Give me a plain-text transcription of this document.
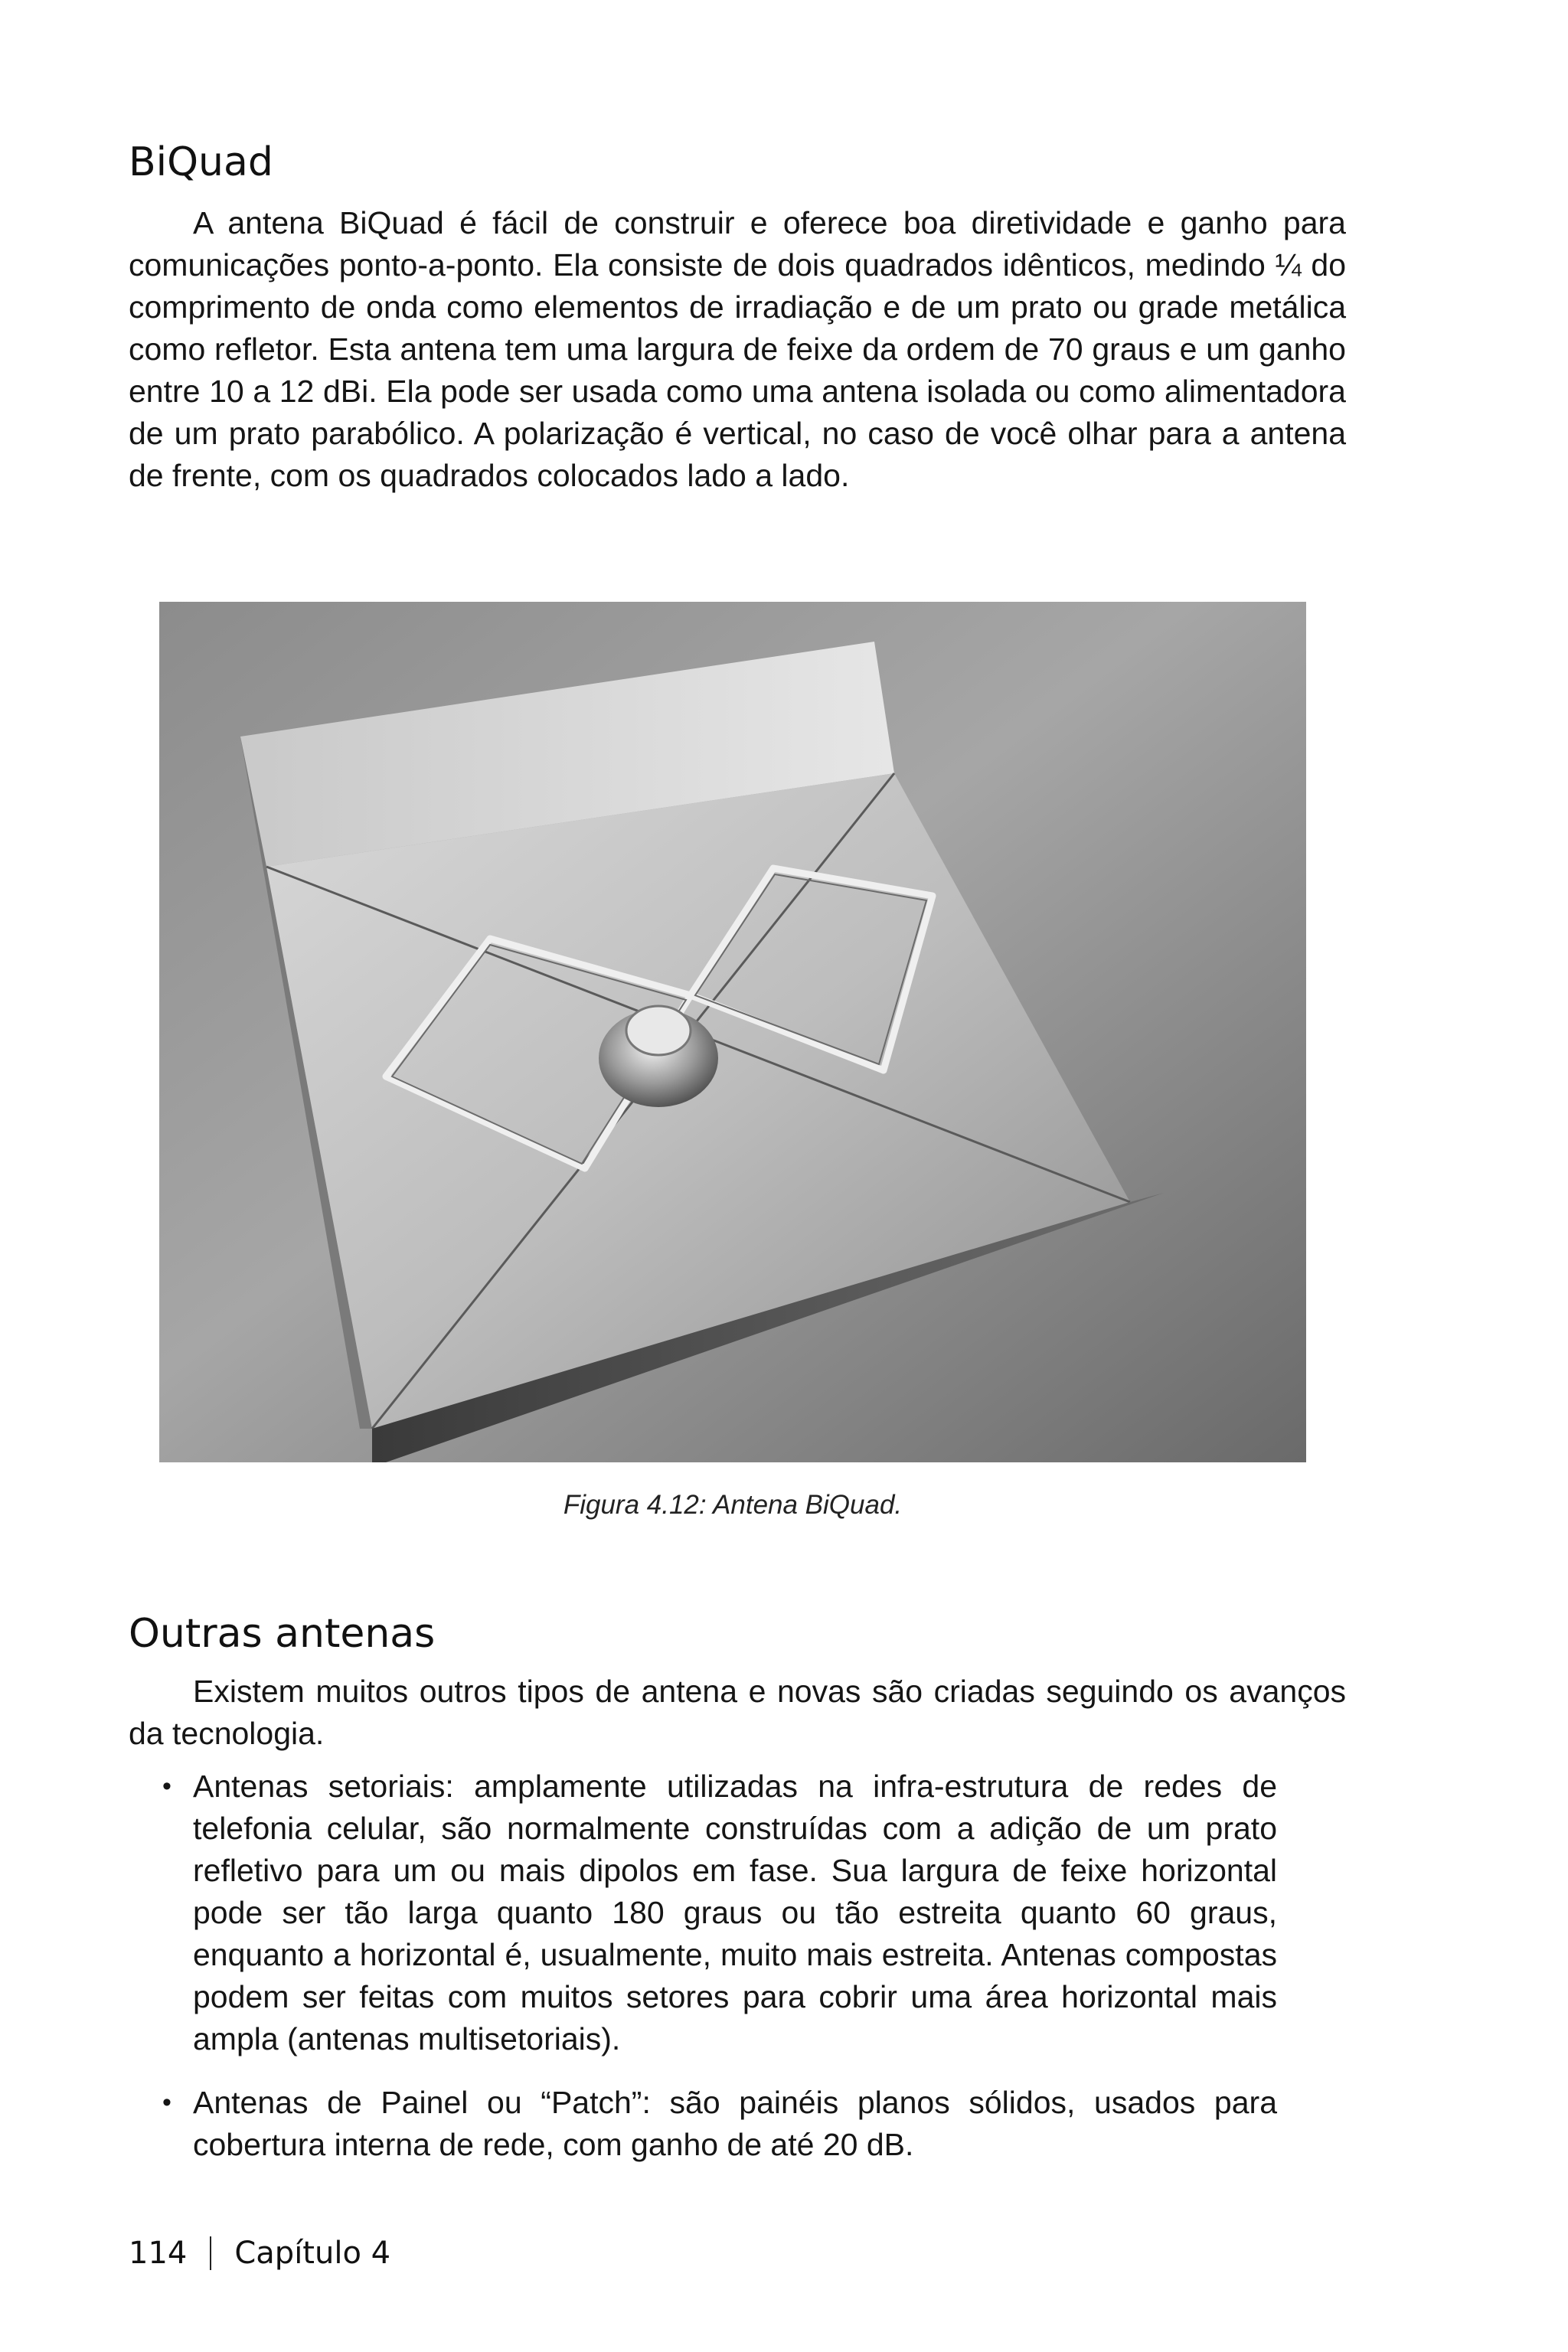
BiQuad

A antena BiQuad é fácil de construir e oferece boa diretividade e ganho para comunicações ponto-a-ponto. Ela consiste de dois quadrados idênticos, medindo ¼ do comprimento de onda como elementos de irradiação e de um prato ou grade metálica como refletor. Esta antena tem uma largura de feixe da ordem de 70 graus e um ganho entre 10 a 12 dBi. Ela pode ser usada como uma antena isolada ou como alimentadora de um prato parabólico. A polarização é vertical, no caso de você olhar para a antena de frente, com os quadrados colocados lado a lado.

Figura 4.12: Antena BiQuad.

Outras antenas

Existem muitos outros tipos de antena e novas são criadas seguindo os avanços da tecnologia.

• Antenas setoriais: amplamente utilizadas na infra-estrutura de redes de telefonia celular, são normalmente construídas com a adição de um prato refletivo para um ou mais dipolos em fase. Sua largura de feixe horizontal pode ser tão larga quanto 180 graus ou tão estreita quanto 60 graus, enquanto a horizontal é, usualmente, muito mais estreita. Antenas compostas podem ser feitas com muitos setores para cobrir uma área horizontal mais ampla (antenas multisetoriais).
• Antenas de Painel ou “Patch”: são painéis planos sólidos, usados para cobertura interna de rede, com ganho de até 20 dB.
114 Capítulo 4
